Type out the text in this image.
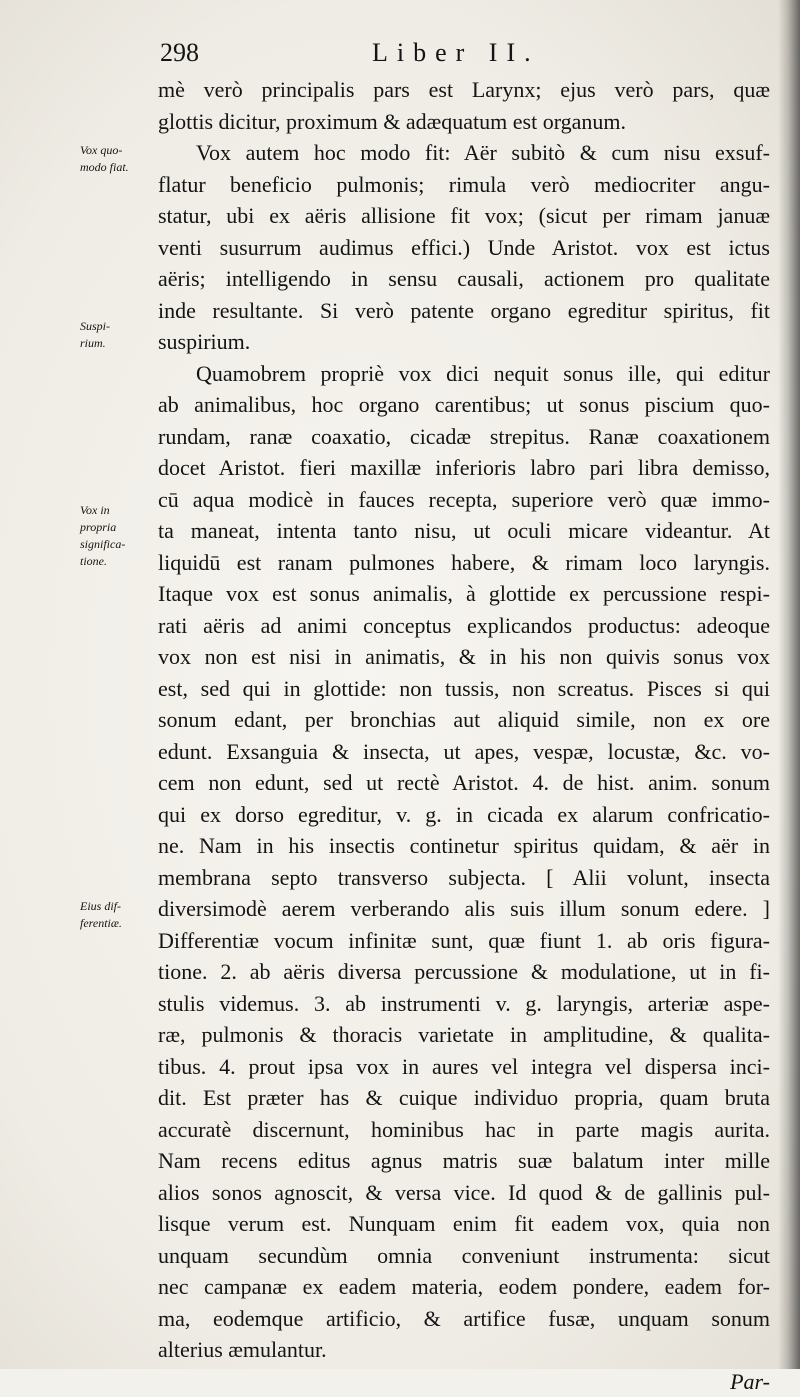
298	Liber II.
Vox quo-
modo fiat.
Suspi-
rium.
Vox in
propria
significa-
tione.
Eius dif-
ferentiæ.
mè verò principalis pars est Larynx; ejus verò pars, quæ
glottis dicitur, proximum & adæquatum est organum.
Vox autem hoc modo fit: Aër subitò & cum nisu exsuf-
flatur beneficio pulmonis; rimula verò mediocriter angu-
statur, ubi ex aëris allisione fit vox; (sicut per rimam januæ
venti susurrum audimus effici.) Unde Aristot. vox est ictus
aëris; intelligendo in sensu causali, actionem pro qualitate
inde resultante. Si verò patente organo egreditur spiritus, fit
suspirium.
Quamobrem propriè vox dici nequit sonus ille, qui editur
ab animalibus, hoc organo carentibus; ut sonus piscium quo-
rundam, ranæ coaxatio, cicadæ strepitus. Ranæ coaxationem
docet Aristot. fieri maxillæ inferioris labro pari libra demisso,
cū aqua modicè in fauces recepta, superiore verò quæ immo-
ta maneat, intenta tanto nisu, ut oculi micare videantur. At
liquidū est ranam pulmones habere, & rimam loco laryngis.
Itaque vox est sonus animalis, à glottide ex percussione respi-
rati aëris ad animi conceptus explicandos productus: adeoque
vox non est nisi in animatis, & in his non quivis sonus vox
est, sed qui in glottide: non tussis, non screatus. Pisces si qui
sonum edant, per bronchias aut aliquid simile, non ex ore
edunt. Exsanguia & insecta, ut apes, vespæ, locustæ, &c. vo-
cem non edunt, sed ut rectè Aristot. 4. de hist. anim. sonum
qui ex dorso egreditur, v. g. in cicada ex alarum confricatio-
ne. Nam in his insectis continetur spiritus quidam, & aër in
membrana septo transverso subjecta. [ Alii volunt, insecta
diversimodè aerem verberando alis suis illum sonum edere. ]
Differentiæ vocum infinitæ sunt, quæ fiunt 1. ab oris figura-
tione. 2. ab aëris diversa percussione & modulatione, ut in fi-
stulis videmus. 3. ab instrumenti v. g. laryngis, arteriæ aspe-
ræ, pulmonis & thoracis varietate in amplitudine, & qualita-
tibus. 4. prout ipsa vox in aures vel integra vel dispersa inci-
dit. Est præter has & cuique individuo propria, quam bruta
accuratè discernunt, hominibus hac in parte magis aurita.
Nam recens editus agnus matris suæ balatum inter mille
alios sonos agnoscit, & versa vice. Id quod & de gallinis pul-
lisque verum est. Nunquam enim fit eadem vox, quia non
unquam secundùm omnia conveniunt instrumenta: sicut
nec campanæ ex eadem materia, eodem pondere, eadem for-
ma, eodemque artificio, & artifice fusæ, unquam sonum
alterius æmulantur.
Par-
